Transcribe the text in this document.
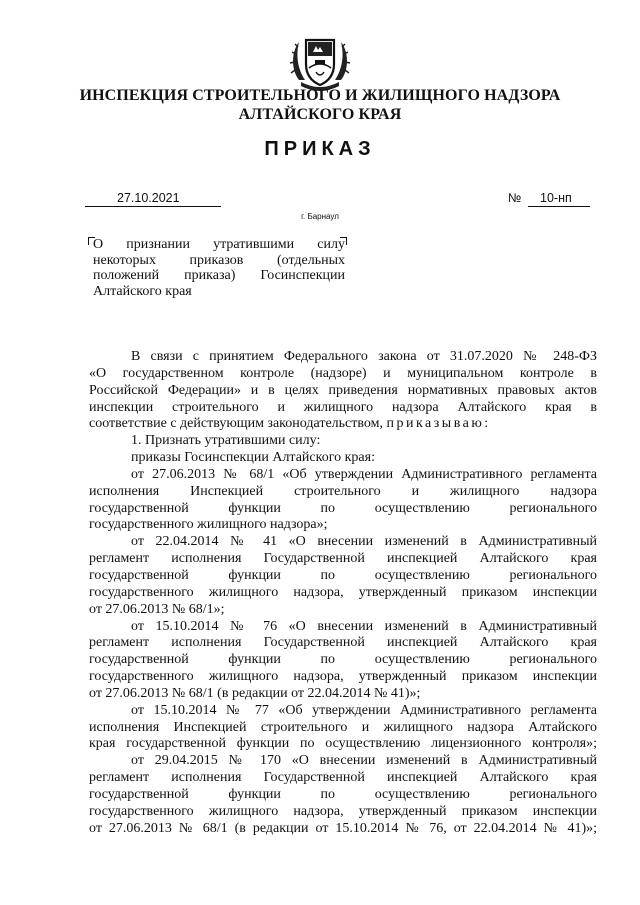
ИНСПЕКЦИЯ СТРОИТЕЛЬНОГО И ЖИЛИЩНОГО НАДЗОРА
АЛТАЙСКОГО КРАЯ
ПРИКАЗ
27.10.2021	№	10-нп
г. Барнаул
О признании утратившими силу
некоторых приказов (отдельных
положений приказа) Госинспекции
Алтайского края
В связи с принятием Федерального закона от 31.07.2020 № 248-ФЗ
«О государственном контроле (надзоре) и муниципальном контроле в
Российской Федерации» и в целях приведения нормативных правовых актов
инспекции строительного и жилищного надзора Алтайского края в
соответствие с действующим законодательством, приказываю:
1. Признать утратившими силу:
приказы Госинспекции Алтайского края:
от 27.06.2013 № 68/1 «Об утверждении Административного регламента
исполнения Инспекцией строительного и жилищного надзора
государственной функции по осуществлению регионального
государственного жилищного надзора»;
от 22.04.2014 № 41 «О внесении изменений в Административный
регламент исполнения Государственной инспекцией Алтайского края
государственной функции по осуществлению регионального
государственного жилищного надзора, утвержденный приказом инспекции
от 27.06.2013 № 68/1»;
от 15.10.2014 № 76 «О внесении изменений в Административный
регламент исполнения Государственной инспекцией Алтайского края
государственной функции по осуществлению регионального
государственного жилищного надзора, утвержденный приказом инспекции
от 27.06.2013 № 68/1 (в редакции от 22.04.2014 № 41)»;
от 15.10.2014 № 77 «Об утверждении Административного регламента
исполнения Инспекцией строительного и жилищного надзора Алтайского
края государственной функции по осуществлению лицензионного контроля»;
от 29.04.2015 № 170 «О внесении изменений в Административный
регламент исполнения Государственной инспекцией Алтайского края
государственной функции по осуществлению регионального
государственного жилищного надзора, утвержденный приказом инспекции
от 27.06.2013 № 68/1 (в редакции от 15.10.2014 № 76, от 22.04.2014 № 41)»;
